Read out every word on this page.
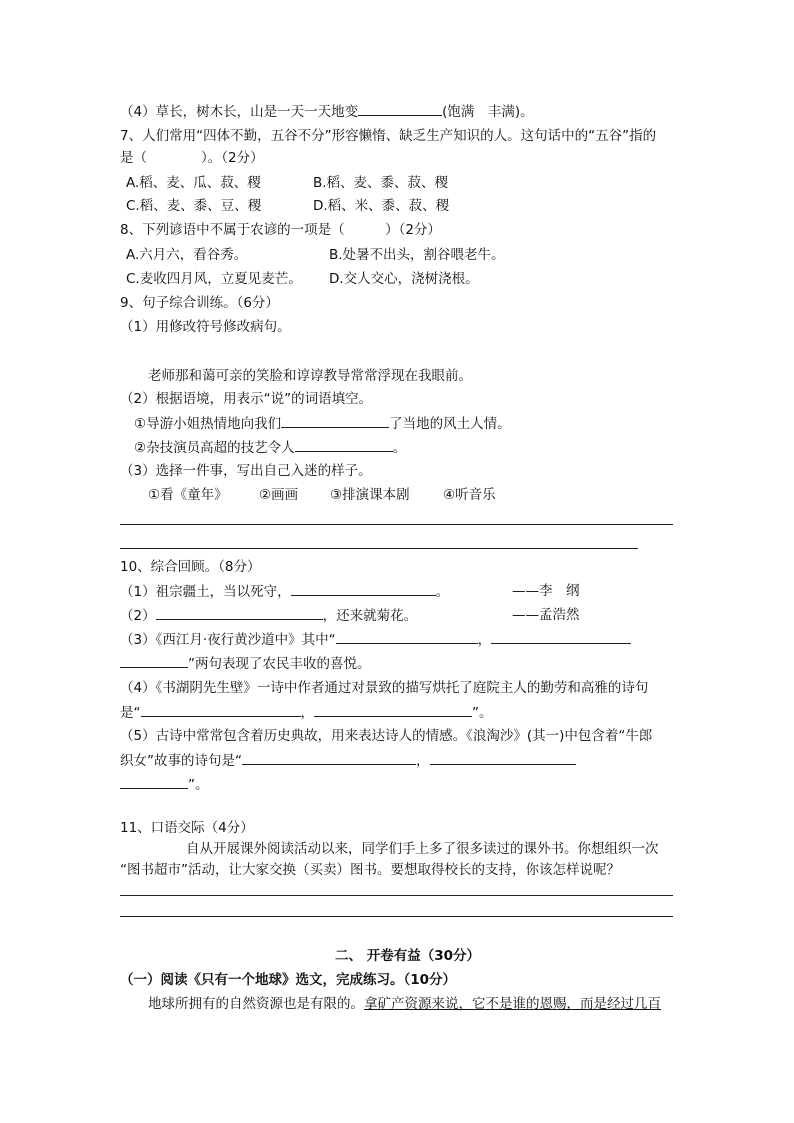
（4）草长，树木长，山是一天一天地变	(饱满　丰满)。
7、人们常用“四体不勤，五谷不分”形容懒惰、缺乏生产知识的人。这句话中的“五谷”指的
是（　　　　）。（2分）
A.稻、麦、瓜、菽、稷	B.稻、麦、黍、菽、稷
C.稻、麦、黍、豆、稷	D.稻、米、黍、菽、稷
8、下列谚语中不属于农谚的一项是（　　　）（2分）
A.六月六，看谷秀。	B.处暑不出头，割谷喂老牛。
C.麦收四月风，立夏见麦芒。 D.交人交心，浇树浇根。
9、句子综合训练。（6分）
（1）用修改符号修改病句。
老师那和蔼可亲的笑脸和谆谆教导常常浮现在我眼前。
（2）根据语境，用表示“说”的词语填空。
①导游小姐热情地向我们	了当地的风土人情。
②杂技演员高超的技艺令人	。
（3）选择一件事，写出自己入迷的样子。
①看《童年》 ②画画 ③排演课本剧 ④听音乐
10、综合回顾。（8分）
（1）祖宗疆土，当以死守，	。	——李　纲
（2）	，还来就菊花。	——孟浩然
（3）《西江月·夜行黄沙道中》其中“	，
”两句表现了农民丰收的喜悦。
（4）《书湖阴先生壁》一诗中作者通过对景致的描写烘托了庭院主人的勤劳和高雅的诗句
是“	，	”。
（5）古诗中常常包含着历史典故，用来表达诗人的情感。《浪淘沙》(其一)中包含着“牛郎
织女”故事的诗句是“	，
”。
11、口语交际（4分）
自从开展课外阅读活动以来，同学们手上多了很多读过的课外书。你想组织一次
“图书超市”活动，让大家交换（买卖）图书。要想取得校长的支持，你该怎样说呢？
二、 开卷有益（30分）
（一）阅读《只有一个地球》选文，完成练习。（10分）
地球所拥有的自然资源也是有限的。拿矿产资源来说，它不是谁的恩赐，而是经过几百
